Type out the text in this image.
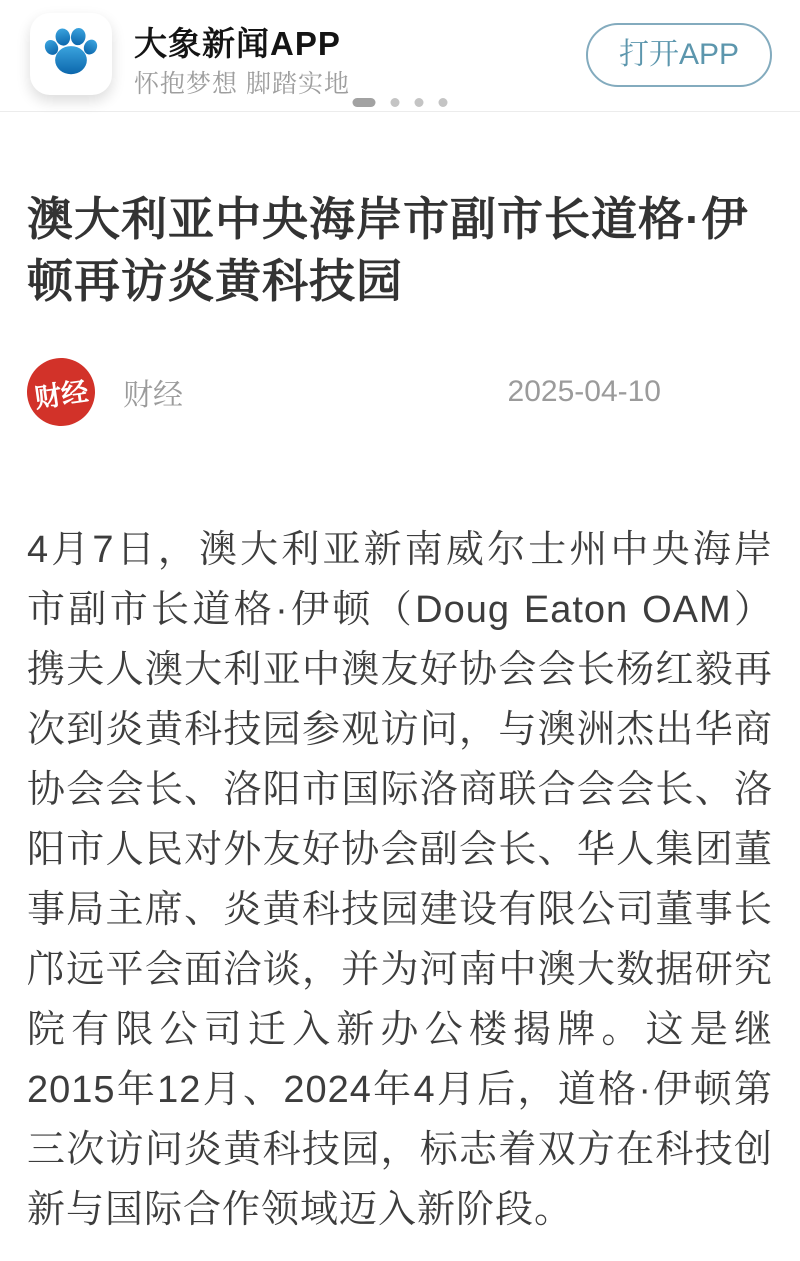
大象新闻APP
怀抱梦想 脚踏实地
打开APP
澳大利亚中央海岸市副市长道格·伊顿再访炎黄科技园
财经	财经	2025-04-10

4月7日，澳大利亚新南威尔士州中央海岸市副市长道格·伊顿（Doug Eaton OAM）携夫人澳大利亚中澳友好协会会长杨红毅再次到炎黄科技园参观访问，与澳洲杰出华商协会会长、洛阳市国际洛商联合会会长、洛阳市人民对外友好协会副会长、华人集团董事局主席、炎黄科技园建设有限公司董事长邝远平会面洽谈，并为河南中澳大数据研究院有限公司迁入新办公楼揭牌。这是继2015年12月、2024年4月后，道格·伊顿第三次访问炎黄科技园，标志着双方在科技创新与国际合作领域迈入新阶段。
